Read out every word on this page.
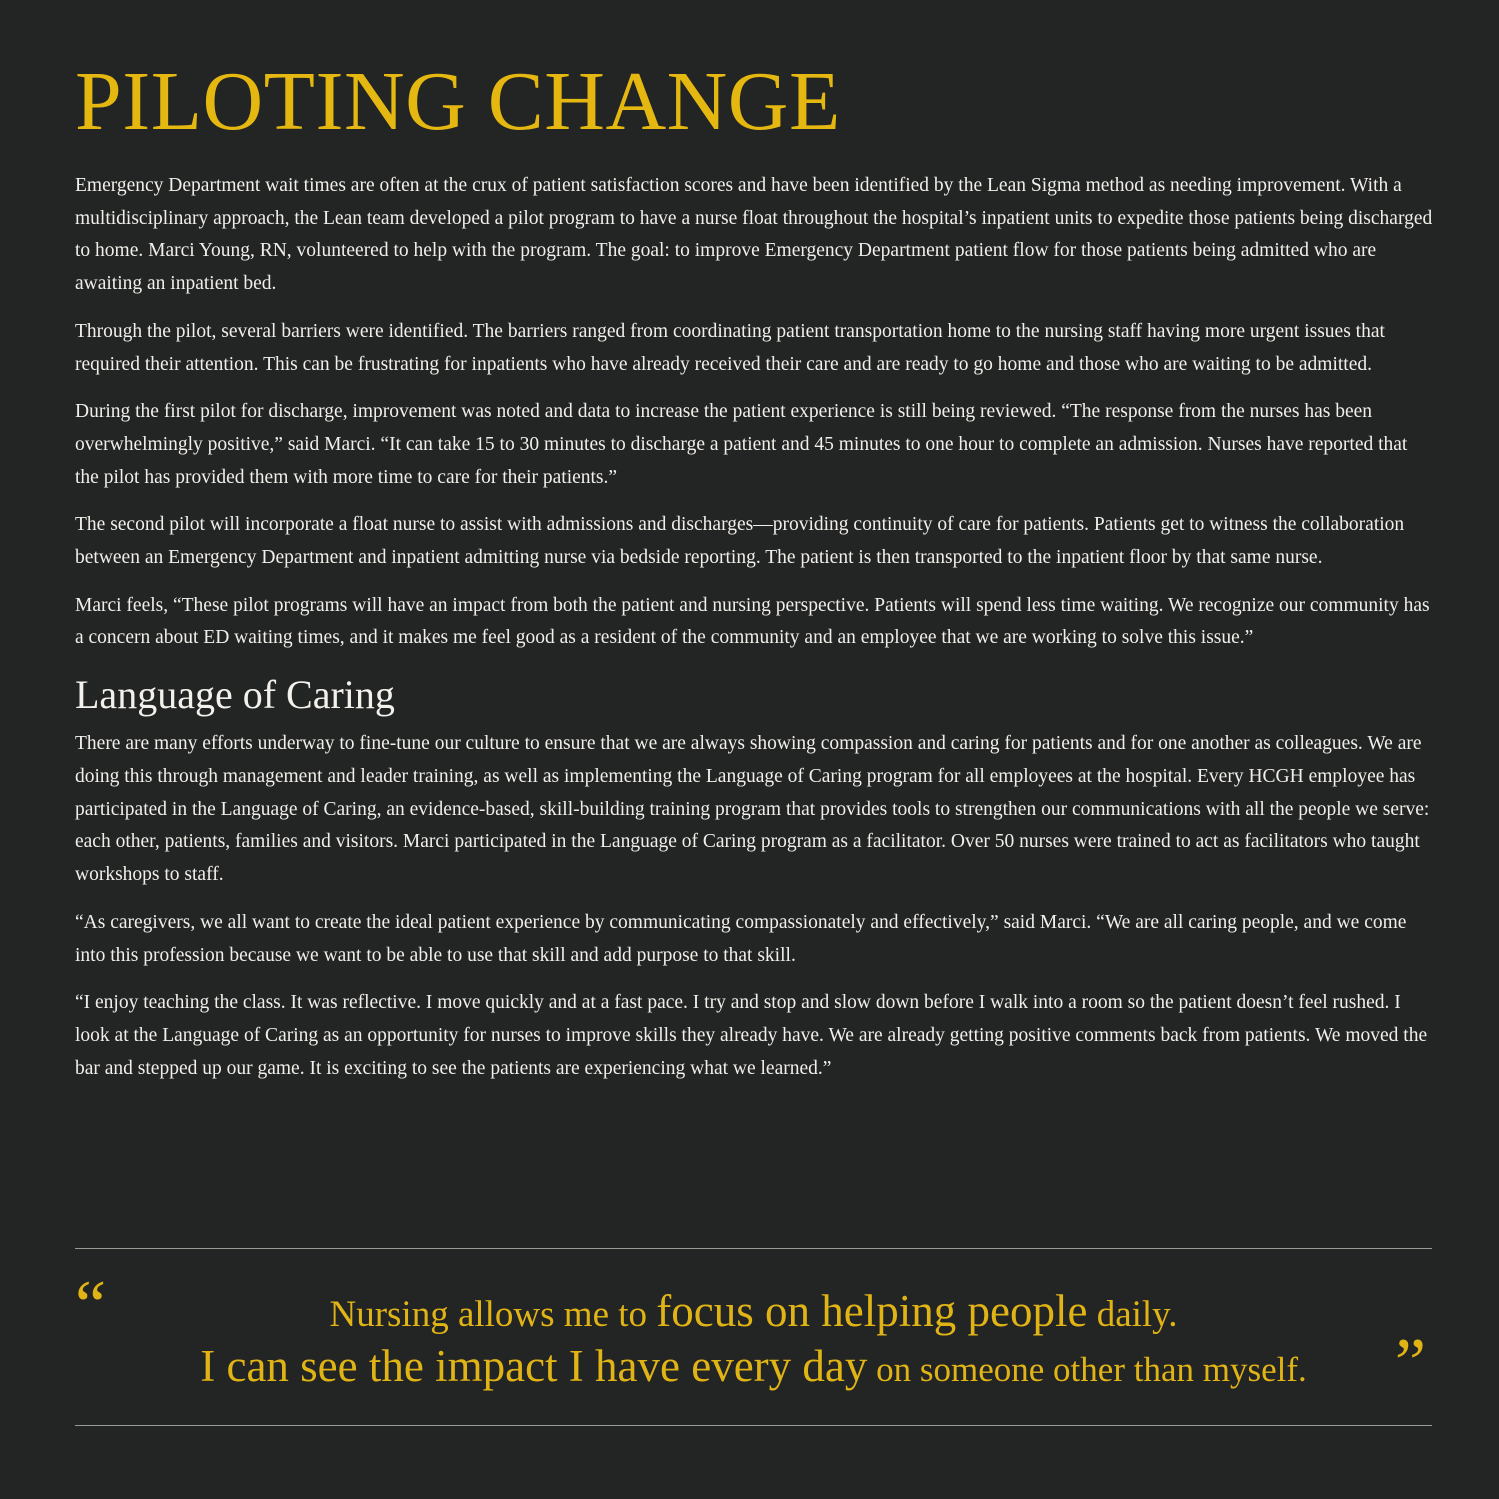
PILOTING CHANGE

Emergency Department wait times are often at the crux of patient satisfaction scores and have been identified by the Lean Sigma method as needing improvement. With a multidisciplinary approach, the Lean team developed a pilot program to have a nurse float throughout the hospital’s inpatient units to expedite those patients being discharged to home. Marci Young, RN, volunteered to help with the program. The goal: to improve Emergency Department patient flow for those patients being admitted who are awaiting an inpatient bed.

Through the pilot, several barriers were identified. The barriers ranged from coordinating patient transportation home to the nursing staff having more urgent issues that required their attention. This can be frustrating for inpatients who have already received their care and are ready to go home and those who are waiting to be admitted.

During the first pilot for discharge, improvement was noted and data to increase the patient experience is still being reviewed. “The response from the nurses has been overwhelmingly positive,” said Marci. “It can take 15 to 30 minutes to discharge a patient and 45 minutes to one hour to complete an admission. Nurses have reported that the pilot has provided them with more time to care for their patients.”

The second pilot will incorporate a float nurse to assist with admissions and discharges—providing continuity of care for patients. Patients get to witness the collaboration between an Emergency Department and inpatient admitting nurse via bedside reporting. The patient is then transported to the inpatient floor by that same nurse.

Marci feels, “These pilot programs will have an impact from both the patient and nursing perspective. Patients will spend less time waiting. We recognize our community has a concern about ED waiting times, and it makes me feel good as a resident of the community and an employee that we are working to solve this issue.”

Language of Caring

There are many efforts underway to fine-tune our culture to ensure that we are always showing compassion and caring for patients and for one another as colleagues. We are doing this through management and leader training, as well as implementing the Language of Caring program for all employees at the hospital. Every HCGH employee has participated in the Language of Caring, an evidence-based, skill-building training program that provides tools to strengthen our communications with all the people we serve: each other, patients, families and visitors. Marci participated in the Language of Caring program as a facilitator. Over 50 nurses were trained to act as facilitators who taught workshops to staff.

“As caregivers, we all want to create the ideal patient experience by communicating compassionately and effectively,” said Marci. “We are all caring people, and we come into this profession because we want to be able to use that skill and add purpose to that skill.

“I enjoy teaching the class. It was reflective. I move quickly and at a fast pace. I try and stop and slow down before I walk into a room so the patient doesn’t feel rushed. I look at the Language of Caring as an opportunity for nurses to improve skills they already have. We are already getting positive comments back from patients. We moved the bar and stepped up our game. It is exciting to see the patients are experiencing what we learned.”

“	Nursing allows me to focus on helping people daily.
I can see the impact I have every day on someone other than myself.	”
